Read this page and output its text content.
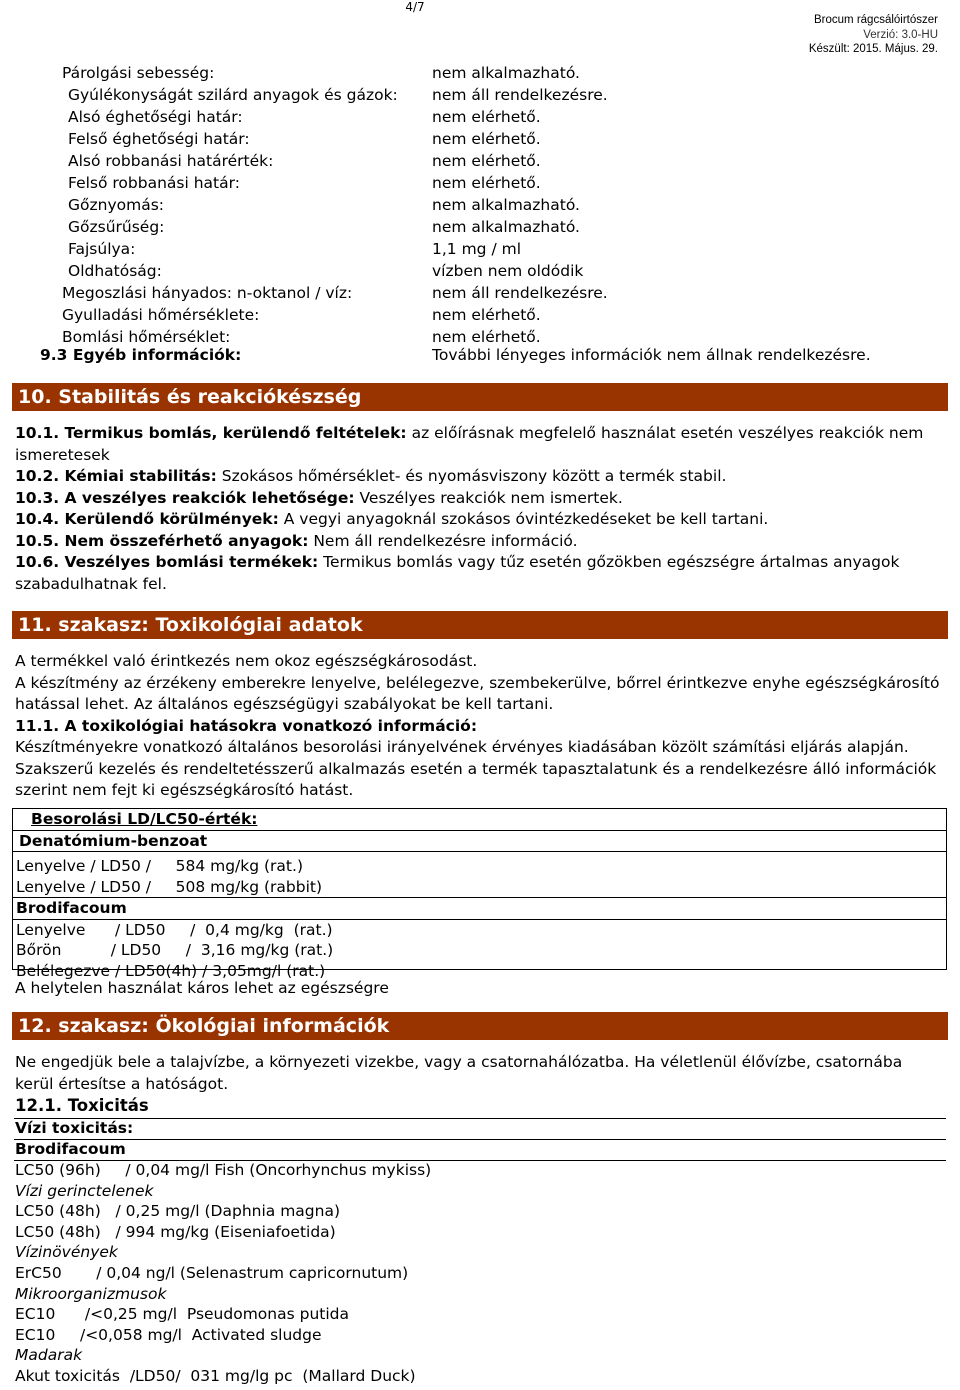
4/7
Brocum rágcsálóirtószer
Verzió: 3.0-HU
Készült: 2015. Május. 29.
Párolgási sebesség:	nem alkalmazható.
Gyúlékonyságát szilárd anyagok és gázok: nem áll rendelkezésre.
Alsó éghetőségi határ:	nem elérhető.
Felső éghetőségi határ:	nem elérhető.
Alsó robbanási határérték:	nem elérhető.
Felső robbanási határ:	nem elérhető.
Gőznyomás:	nem alkalmazható.
Gőzsűrűség:	nem alkalmazható.
Fajsúlya:	1,1 mg / ml
Oldhatóság:	vízben nem oldódik
Megoszlási hányados: n-oktanol / víz:	nem áll rendelkezésre.
Gyulladási hőmérséklete:	nem elérhető.
Bomlási hőmérséklet:	nem elérhető.
9.3 Egyéb információk:	További lényeges információk nem állnak rendelkezésre.
10. Stabilitás és reakciókészség
10.1. Termikus bomlás, kerülendő feltételek: az előírásnak megfelelő használat esetén veszélyes reakciók nem ismeretesek
10.2. Kémiai stabilitás: Szokásos hőmérséklet- és nyomásviszony között a termék stabil.
10.3. A veszélyes reakciók lehetősége: Veszélyes reakciók nem ismertek.
10.4. Kerülendő körülmények: A vegyi anyagoknál szokásos óvintézkedéseket be kell tartani.
10.5. Nem összeférhető anyagok: Nem áll rendelkezésre információ.
10.6. Veszélyes bomlási termékek: Termikus bomlás vagy tűz esetén gőzökben egészségre ártalmas anyagok szabadulhatnak fel.
11. szakasz: Toxikológiai adatok
A termékkel való érintkezés nem okoz egészségkárosodást.
A készítmény az érzékeny emberekre lenyelve, belélegezve, szembekerülve, bőrrel érintkezve enyhe egészségkárosító hatással lehet. Az általános egészségügyi szabályokat be kell tartani.
11.1. A toxikológiai hatásokra vonatkozó információ:
Készítményekre vonatkozó általános besorolási irányelvének érvényes kiadásában közölt számítási eljárás alapján. Szakszerű kezelés és rendeltetésszerű alkalmazás esetén a termék tapasztalatunk és a rendelkezésre álló információk szerint nem fejt ki egészségkárosító hatást.
Besorolási LD/LC50-érték:
Denatómium-benzoat
Lenyelve / LD50 /     584 mg/kg (rat.)
Lenyelve / LD50 /     508 mg/kg (rabbit)
Brodifacoum
Lenyelve      / LD50     /  0,4 mg/kg  (rat.)
Bőrön          / LD50     /  3,16 mg/kg (rat.)
Belélegezve / LD50(4h) / 3,05mg/l (rat.)
A helytelen használat káros lehet az egészségre
12. szakasz: Ökológiai információk
Ne engedjük bele a talajvízbe, a környezeti vizekbe, vagy a csatornahálózatba. Ha véletlenül élővízbe, csatornába kerül értesítse a hatóságot.
12.1. Toxicitás
Vízi toxicitás:
Brodifacoum
LC50 (96h)     / 0,04 mg/l Fish (Oncorhynchus mykiss)
Vízi gerinctelenek
LC50 (48h)   / 0,25 mg/l (Daphnia magna)
LC50 (48h)   / 994 mg/kg (Eiseniafoetida)
Vízinövények
ErC50       / 0,04 ng/l (Selenastrum capricornutum)
Mikroorganizmusok
EC10      /<0,25 mg/l  Pseudomonas putida
EC10     /<0,058 mg/l  Activated sludge
Madarak
Akut toxicitás  /LD50/  031 mg/lg pc  (Mallard Duck)
